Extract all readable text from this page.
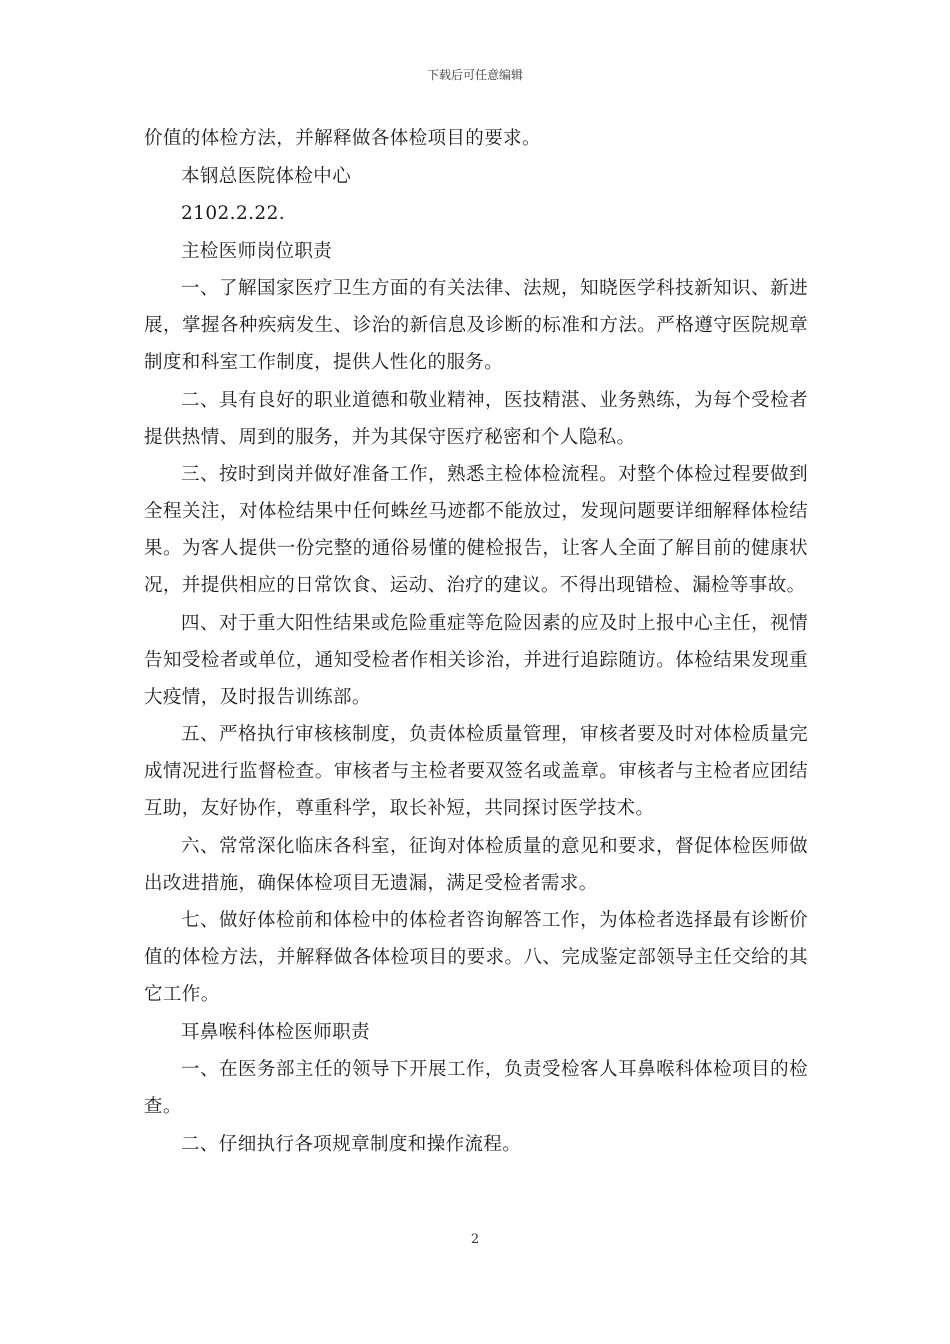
下载后可任意编辑

价值的体检方法，并解释做各体检项目的要求。

本钢总医院体检中心

2102.2.22.

主检医师岗位职责

一、了解国家医疗卫生方面的有关法律、法规，知晓医学科技新知识、新进展，掌握各种疾病发生、诊治的新信息及诊断的标准和方法。严格遵守医院规章制度和科室工作制度，提供人性化的服务。

二、具有良好的职业道德和敬业精神，医技精湛、业务熟练，为每个受检者提供热情、周到的服务，并为其保守医疗秘密和个人隐私。

三、按时到岗并做好准备工作，熟悉主检体检流程。对整个体检过程要做到全程关注，对体检结果中任何蛛丝马迹都不能放过，发现问题要详细解释体检结果。为客人提供一份完整的通俗易懂的健检报告，让客人全面了解目前的健康状况，并提供相应的日常饮食、运动、治疗的建议。不得出现错检、漏检等事故。

四、对于重大阳性结果或危险重症等危险因素的应及时上报中心主任，视情告知受检者或单位，通知受检者作相关诊治，并进行追踪随访。体检结果发现重大疫情，及时报告训练部。

五、严格执行审核核制度，负责体检质量管理，审核者要及时对体检质量完成情况进行监督检查。审核者与主检者要双签名或盖章。审核者与主检者应团结互助，友好协作，尊重科学，取长补短，共同探讨医学技术。

六、常常深化临床各科室，征询对体检质量的意见和要求，督促体检医师做出改进措施，确保体检项目无遗漏，满足受检者需求。

七、做好体检前和体检中的体检者咨询解答工作，为体检者选择最有诊断价值的体检方法，并解释做各体检项目的要求。八、完成鉴定部领导主任交给的其它工作。

耳鼻喉科体检医师职责

一、在医务部主任的领导下开展工作，负责受检客人耳鼻喉科体检项目的检查。

二、仔细执行各项规章制度和操作流程。

2
